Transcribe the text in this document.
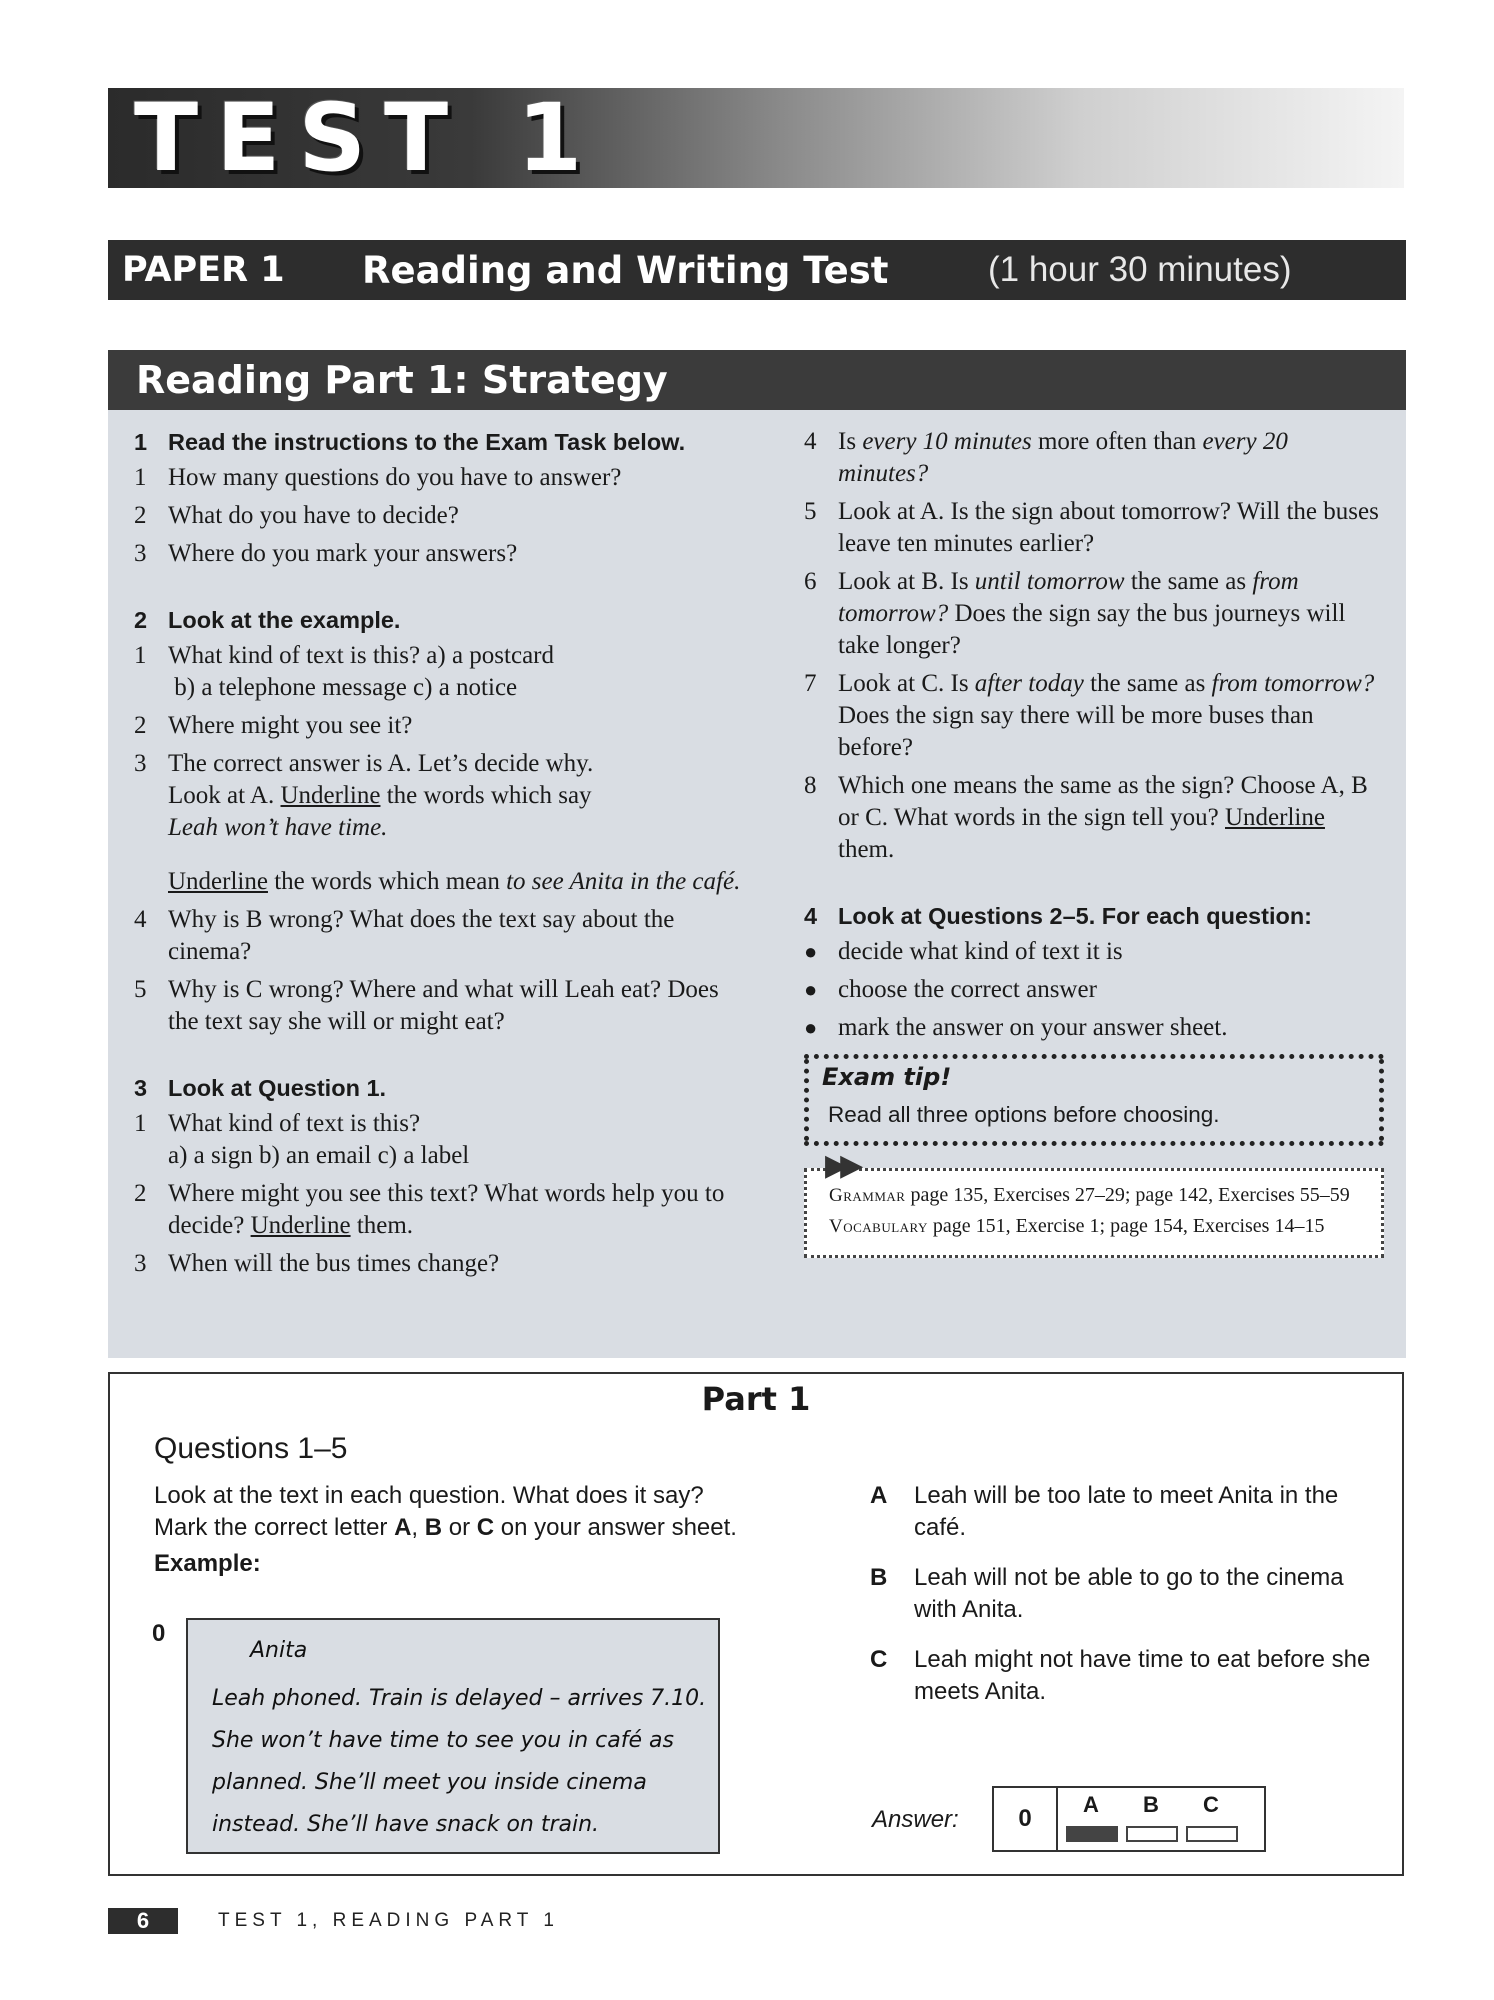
TEST 1
PAPER 1	Reading and Writing Test	(1 hour 30 minutes)
Reading Part 1: Strategy
1 Read the instructions to the Exam Task below.
1 How many questions do you have to answer?
2 What do you have to decide?
3 Where do you mark your answers?
2 Look at the example.
1 What kind of text is this? a) a postcard
b) a telephone message c) a notice
2 Where might you see it?
3 The correct answer is A. Let’s decide why.
Look at A. Underline the words which say
Leah won’t have time.
Underline the words which mean to see Anita in the café.
4 Why is B wrong? What does the text say about the cinema?
5 Why is C wrong? Where and what will Leah eat? Does the text say she will or might eat?
3 Look at Question 1.
1 What kind of text is this?
a) a sign b) an email c) a label
2 Where might you see this text? What words help you to decide? Underline them.
3 When will the bus times change?
4 Is every 10 minutes more often than every 20 minutes?
5 Look at A. Is the sign about tomorrow? Will the buses leave ten minutes earlier?
6 Look at B. Is until tomorrow the same as from tomorrow? Does the sign say the bus journeys will take longer?
7 Look at C. Is after today the same as from tomorrow? Does the sign say there will be more buses than before?
8 Which one means the same as the sign? Choose A, B or C. What words in the sign tell you? Underline them.
4 Look at Questions 2–5. For each question:
● decide what kind of text it is
● choose the correct answer
● mark the answer on your answer sheet.
Exam tip!
Read all three options before choosing.
▶▶
Grammar page 135, Exercises 27–29; page 142, Exercises 55–59
Vocabulary page 151, Exercise 1; page 154, Exercises 14–15
Part 1
Questions 1–5
Look at the text in each question. What does it say?
Mark the correct letter A, B or C on your answer sheet.
Example:
0
Anita
Leah phoned. Train is delayed – arrives 7.10. She won’t have time to see you in café as planned. She’ll meet you inside cinema instead. She’ll have snack on train.
A	Leah will be too late to meet Anita in the café.
B	Leah will not be able to go to the cinema with Anita.
C	Leah might not have time to eat before she meets Anita.
Answer:	0
A	B	C
6	TEST 1, READING PART 1
